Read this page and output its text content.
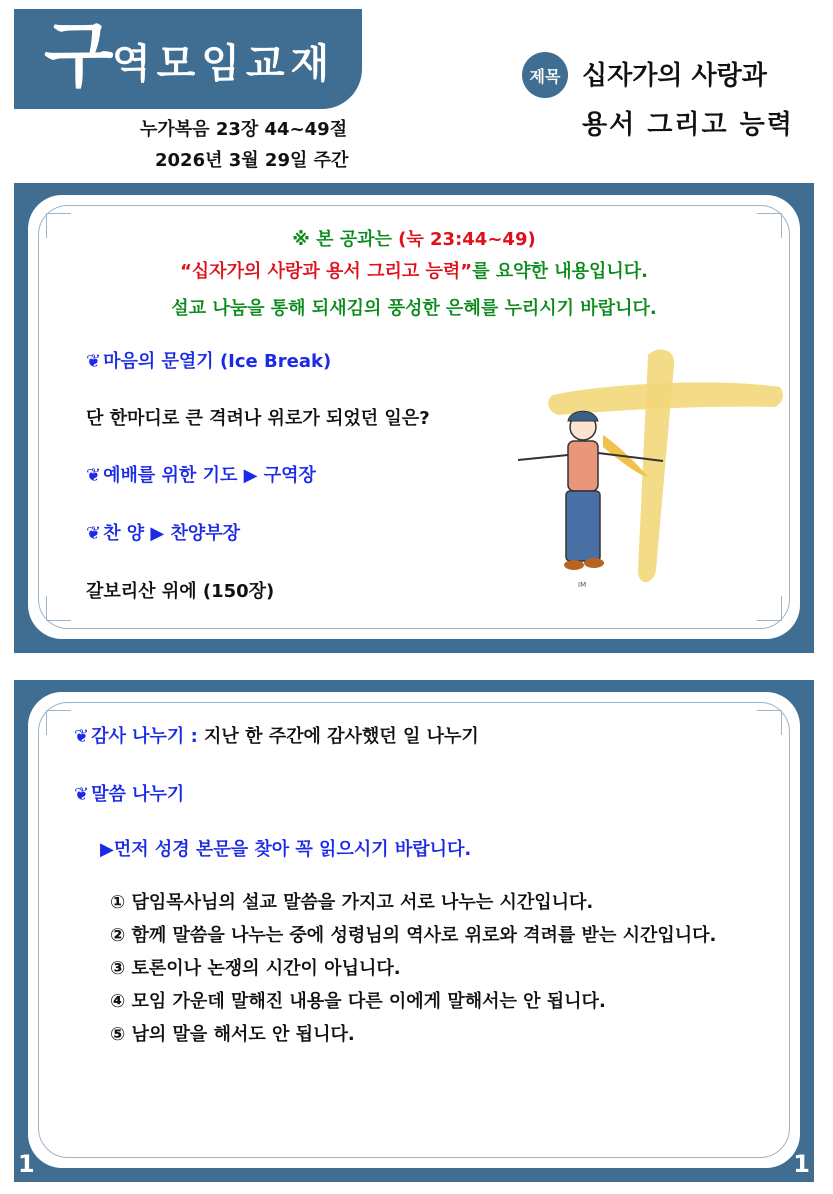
구
역모임교재
누가복음 23장 44~49절
2026년 3월 29일 주간
제목 십자가의 사랑과
용서 그리고 능력
※ 본 공과는 (눅 23:44~49)
“십자가의 사랑과 용서 그리고 능력”를 요약한 내용입니다.
설교 나눔을 통해 되새김의 풍성한 은혜를 누리시기 바랍니다.
❦ 마음의 문열기 (Ice Break)
단 한마디로 큰 격려나 위로가 되었던 일은?
❦ 예배를 위한 기도 ▶ 구역장
❦ 찬 양 ▶ 찬양부장
갈보리산 위에 (150장)	IM
❦ 감사 나누기 : 지난 한 주간에 감사했던 일 나누기
❦ 말씀 나누기
▶먼저 성경 본문을 찾아 꼭 읽으시기 바랍니다.
① 담임목사님의 설교 말씀을 가지고 서로 나누는 시간입니다.
② 함께 말씀을 나누는 중에 성령님의 역사로 위로와 격려를 받는 시간입니다.
③ 토론이나 논쟁의 시간이 아닙니다.
④ 모임 가운데 말해진 내용을 다른 이에게 말해서는 안 됩니다.
⑤ 남의 말을 해서도 안 됩니다.
1	1
